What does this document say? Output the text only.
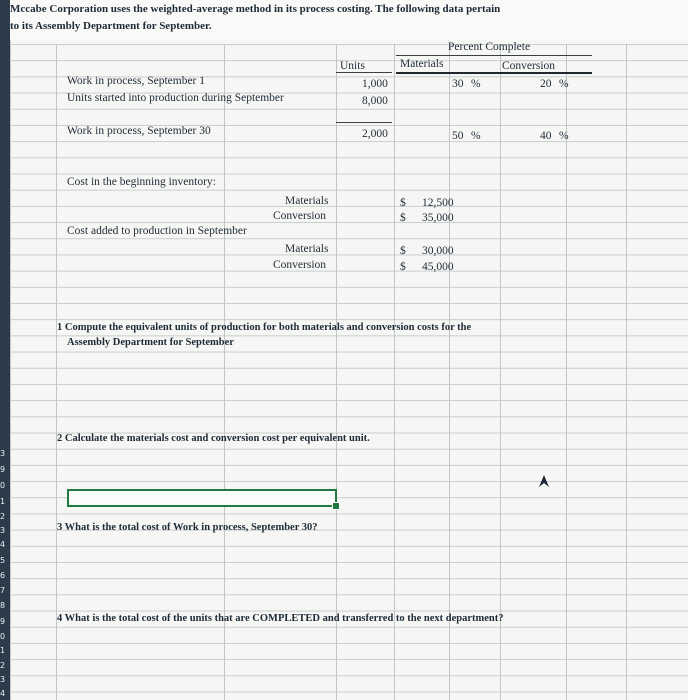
3
9
0
1
2
3
4
5
6
7
8
9
0
1
2
3
4
Mccabe Corporation uses the weighted-average method in its process costing. The following data pertain
to its Assembly Department for September.
Percent Complete
Units	Materials	Conversion
Work in process, September 1	1,000	30 %	20 %
Units started into production during September	8,000
Work in process, September 30	2,000	50 %	40 %
Cost in the beginning inventory:
Materials	$ 12,500
Conversion	$ 35,000
Cost added to production in September
Materials	$ 30,000
Conversion	$ 45,000
1 Compute the equivalent units of production for both materials and conversion costs for the
Assembly Department for September
2 Calculate the materials cost and conversion cost per equivalent unit.
3 What is the total cost of Work in process, September 30?
4 What is the total cost of the units that are COMPLETED and transferred to the next department?
